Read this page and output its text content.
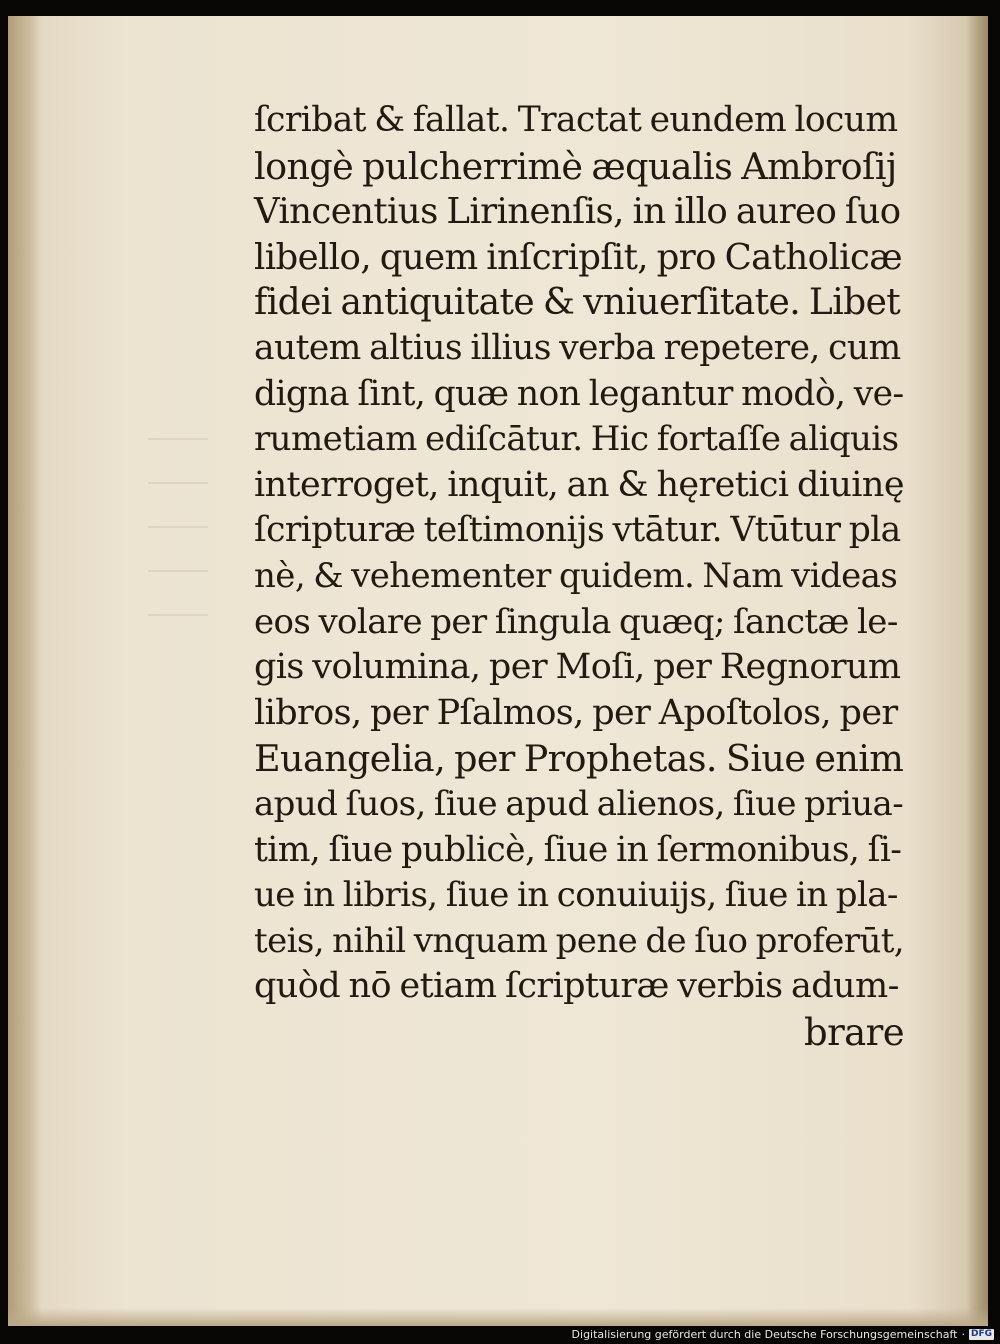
ſcribat & fallat. Tractat eundem locum
longè pulcherrimè æqualis Ambroſij
Vincentius Lirinenſis, in illo aureo ſuo
libello, quem inſcripſit, pro Catholicæ
fidei antiquitate & vniuerſitate. Libet
autem altius illius verba repetere, cum
digna ſint, quæ non legantur modò, ve-
rumetiam ediſcātur. Hic fortaſſe aliquis
interroget, inquit, an & hęretici diuinę
ſcripturæ teſtimonijs vtātur. Vtūtur pla
nè, & vehementer quidem. Nam videas
eos volare per ſingula quæq; ſanctæ le-
gis volumina, per Moſi, per Regnorum
libros, per Pſalmos, per Apoſtolos, per
Euangelia, per Prophetas. Siue enim
apud ſuos, ſiue apud alienos, ſiue priua-
tim, ſiue publicè, ſiue in ſermonibus, ſi-
ue in libris, ſiue in conuiuijs, ſiue in pla-
teis, nihil vnquam pene de ſuo proferūt,
quòd nō etiam ſcripturæ verbis adum-
brare
Digitalisierung gefördert durch die Deutsche Forschungsgemeinschaft · DFG
